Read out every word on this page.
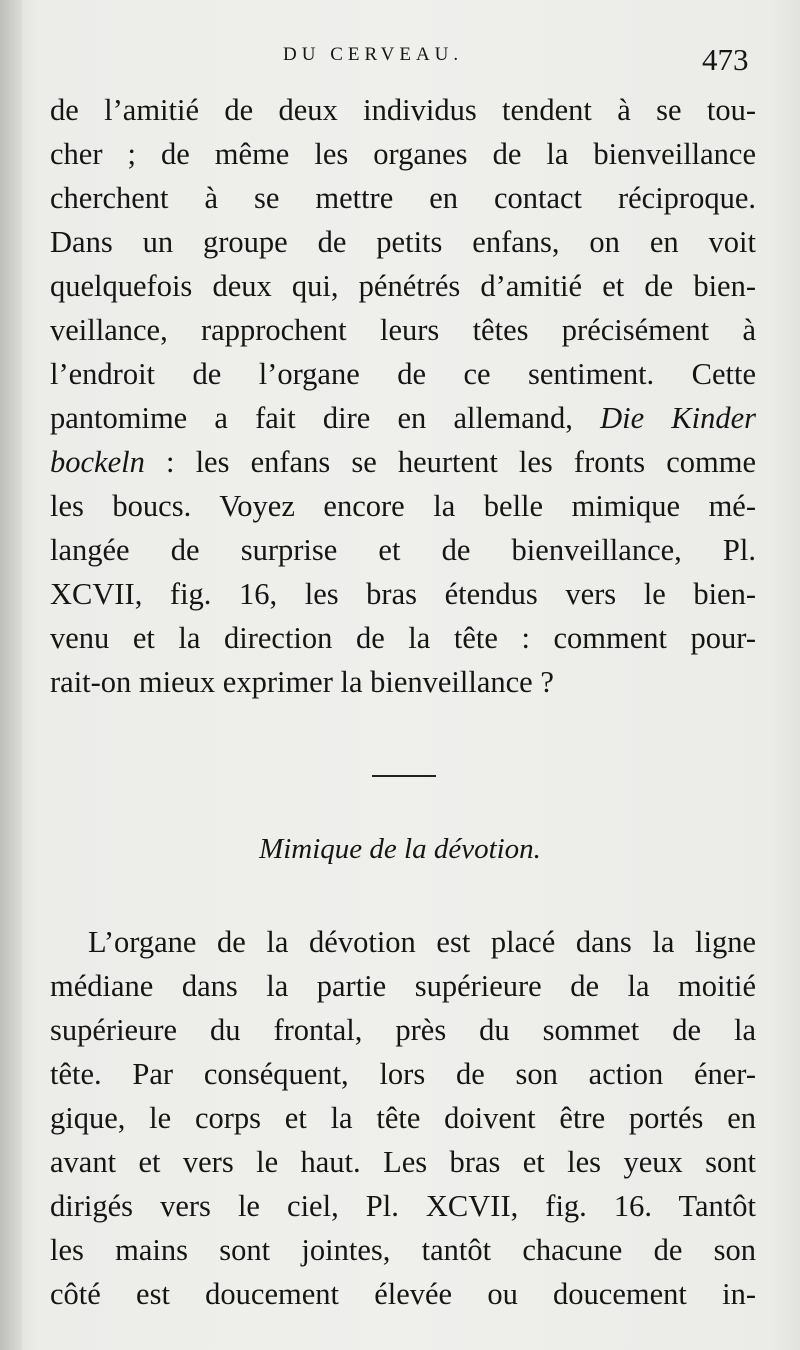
DU CERVEAU.	473
de l’amitié de deux individus tendent à se tou-
cher ; de même les organes de la bienveillance
cherchent à se mettre en contact réciproque.
Dans un groupe de petits enfans, on en voit
quelquefois deux qui, pénétrés d’amitié et de bien-
veillance, rapprochent leurs têtes précisément à
l’endroit de l’organe de ce sentiment. Cette
pantomime a fait dire en allemand, Die Kinder
bockeln : les enfans se heurtent les fronts comme
les boucs. Voyez encore la belle mimique mé-
langée de surprise et de bienveillance, Pl.
XCVII, fig. 16, les bras étendus vers le bien-
venu et la direction de la tête : comment pour-
rait-on mieux exprimer la bienveillance ?
Mimique de la dévotion.
L’organe de la dévotion est placé dans la ligne
médiane dans la partie supérieure de la moitié
supérieure du frontal, près du sommet de la
tête. Par conséquent, lors de son action éner-
gique, le corps et la tête doivent être portés en
avant et vers le haut. Les bras et les yeux sont
dirigés vers le ciel, Pl. XCVII, fig. 16. Tantôt
les mains sont jointes, tantôt chacune de son
côté est doucement élevée ou doucement in-
